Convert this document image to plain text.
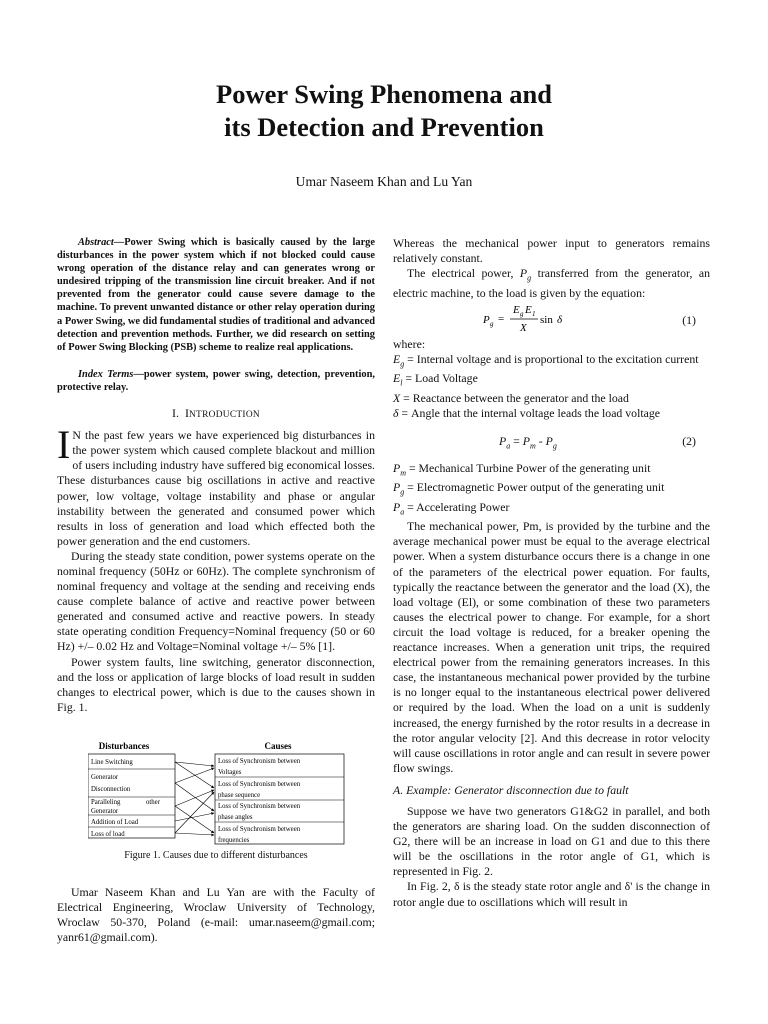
Power Swing Phenomena and
its Detection and Prevention
Umar Naseem Khan and Lu Yan
Abstract—Power Swing which is basically caused by the large disturbances in the power system which if not blocked could cause wrong operation of the distance relay and can generates wrong or undesired tripping of the transmission line circuit breaker. And if not prevented from the generator could cause severe damage to the machine. To prevent unwanted distance or other relay operation during a Power Swing, we did fundamental studies of traditional and advanced detection and prevention methods. Further, we did research on setting of Power Swing Blocking (PSB) scheme to realize real applications.
Index Terms—power system, power swing, detection, prevention, protective relay.
I. INTRODUCTION

I N the past few years we have experienced big disturbances in the power system which caused complete blackout and million of users including industry have suffered big economical losses. These disturbances cause big oscillations in active and reactive power, low voltage, voltage instability and phase or angular instability between the generated and consumed power which results in loss of generation and load which effected both the power generation and the end customers.

During the steady state condition, power systems operate on the nominal frequency (50Hz or 60Hz). The complete synchronism of nominal frequency and voltage at the sending and receiving ends cause complete balance of active and reactive power between generated and consumed active and reactive powers. In steady state operating condition Frequency=Nominal frequency (50 or 60 Hz) +/– 0.02 Hz and Voltage=Nominal voltage +/– 5% [1].

Power system faults, line switching, generator disconnection, and the loss or application of large blocks of load result in sudden changes to electrical power, which is due to the causes shown in Fig. 1.

Disturbances	Causes
Line Switching
Generator
Disconnection
Paralleling	other
Generator
Addition of Load
Loss of load
Loss of Synchronism between
Voltages
Loss of Synchronism between
phase sequence
Loss of Synchronism between
phase angles
Loss of Synchronism between
frequencies
Figure 1. Causes due to different disturbances
Umar Naseem Khan and Lu Yan are with the Faculty of Electrical Engineering, Wroclaw University of Technology, Wroclaw 50-370, Poland (e-mail: umar.naseem@gmail.com; yanr61@gmail.com).

Whereas the mechanical power input to generators remains relatively constant.

The electrical power, $P_g$ transferred from the generator, an electric machine, to the load is given by the equation:

P g =
E g E 1
X
sin δ	(1)

where:

$E_g$ = Internal voltage and is proportional to the excitation current

$E_l$ = Load Voltage

X = Reactance between the generator and the load

δ = Angle that the internal voltage leads the load voltage

$P_a = P_m - P_g$	(2)

$P_m$ = Mechanical Turbine Power of the generating unit

$P_g$ = Electromagnetic Power output of the generating unit

$P_a$ = Accelerating Power

The mechanical power, Pm, is provided by the turbine and the average mechanical power must be equal to the average electrical power. When a system disturbance occurs there is a change in one of the parameters of the electrical power equation. For faults, typically the reactance between the generator and the load (X), the load voltage (El), or some combination of these two parameters causes the electrical power to change. For example, for a short circuit the load voltage is reduced, for a breaker opening the reactance increases. When a generation unit trips, the required electrical power from the remaining generators increases. In this case, the instantaneous mechanical power provided by the turbine is no longer equal to the instantaneous electrical power delivered or required by the load. When the load on a unit is suddenly increased, the energy furnished by the rotor results in a decrease in the rotor angular velocity [2]. And this decrease in rotor velocity will cause oscillations in rotor angle and can result in severe power flow swings.

A. Example: Generator disconnection due to fault

Suppose we have two generators G1&G2 in parallel, and both the generators are sharing load. On the sudden disconnection of G2, there will be an increase in load on G1 and due to this there will be the oscillations in the rotor angle of G1, which is represented in Fig. 2.

In Fig. 2, δ is the steady state rotor angle and δ' is the change in rotor angle due to oscillations which will result in
